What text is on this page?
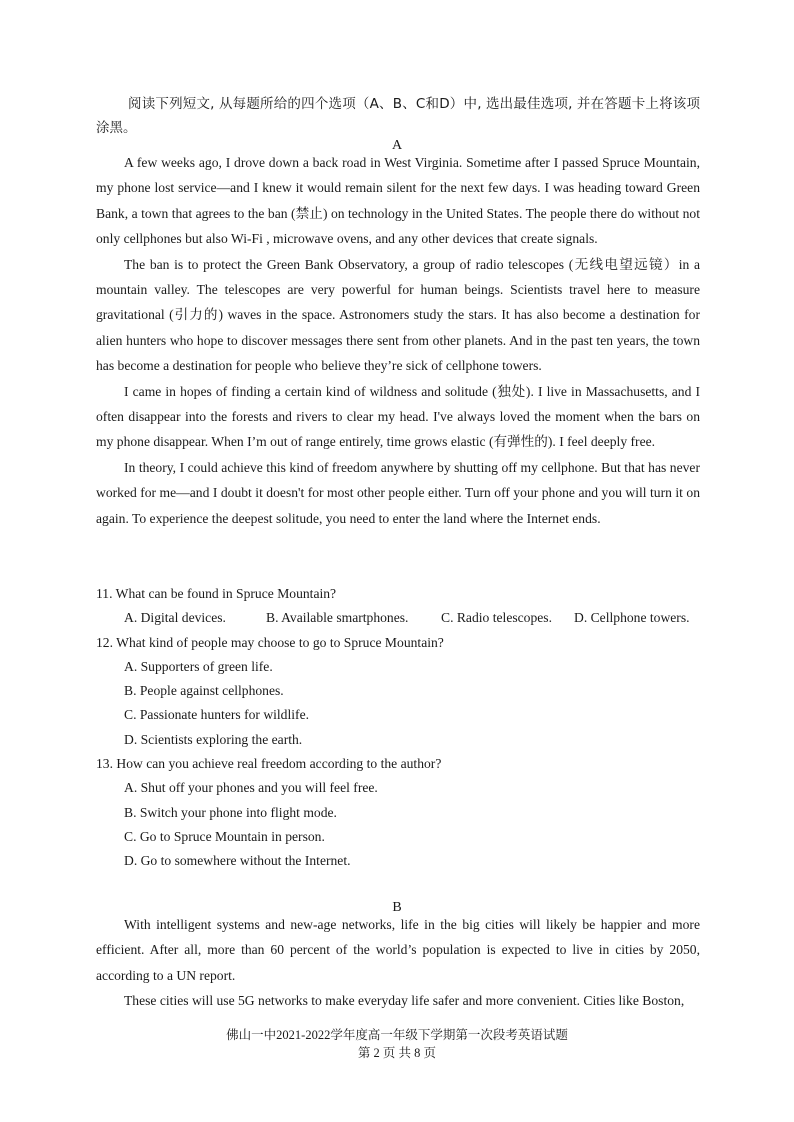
阅读下列短文, 从每题所给的四个选项（A、B、C和D）中, 选出最佳选项, 并在答题卡上将该项涂黑。
A

A few weeks ago, I drove down a back road in West Virginia. Sometime after I passed Spruce Mountain, my phone lost service—and I knew it would remain silent for the next few days. I was heading toward Green Bank, a town that agrees to the ban (禁止) on technology in the United States. The people there do without not only cellphones but also Wi-Fi , microwave ovens, and any other devices that create signals.

The ban is to protect the Green Bank Observatory, a group of radio telescopes (无线电望远镜）in a mountain valley. The telescopes are very powerful for human beings. Scientists travel here to measure gravitational (引力的) waves in the space. Astronomers study the stars. It has also become a destination for alien hunters who hope to discover messages there sent from other planets. And in the past ten years, the town has become a destination for people who believe they’re sick of cellphone towers.

I came in hopes of finding a certain kind of wildness and solitude (独处). I live in Massachusetts, and I often disappear into the forests and rivers to clear my head. I've always loved the moment when the bars on my phone disappear. When I’m out of range entirely, time grows elastic (有弹性的). I feel deeply free.

In theory, I could achieve this kind of freedom anywhere by shutting off my cellphone. But that has never worked for me—and I doubt it doesn't for most other people either. Turn off your phone and you will turn it on again. To experience the deepest solitude, you need to enter the land where the Internet ends.

11. What can be found in Spruce Mountain?

A. Digital devices.	B. Available smartphones.	C. Radio telescopes.	D. Cellphone towers.

12. What kind of people may choose to go to Spruce Mountain?

A. Supporters of green life.

B. People against cellphones.

C. Passionate hunters for wildlife.

D. Scientists exploring the earth.

13. How can you achieve real freedom according to the author?

A. Shut off your phones and you will feel free.

B. Switch your phone into flight mode.

C. Go to Spruce Mountain in person.

D. Go to somewhere without the Internet.

B

With intelligent systems and new-age networks, life in the big cities will likely be happier and more efficient. After all, more than 60 percent of the world’s population is expected to live in cities by 2050, according to a UN report.

These cities will use 5G networks to make everyday life safer and more convenient. Cities like Boston,

佛山一中2021-2022学年度高一年级下学期第一次段考英语试题
第 2 页 共 8 页
